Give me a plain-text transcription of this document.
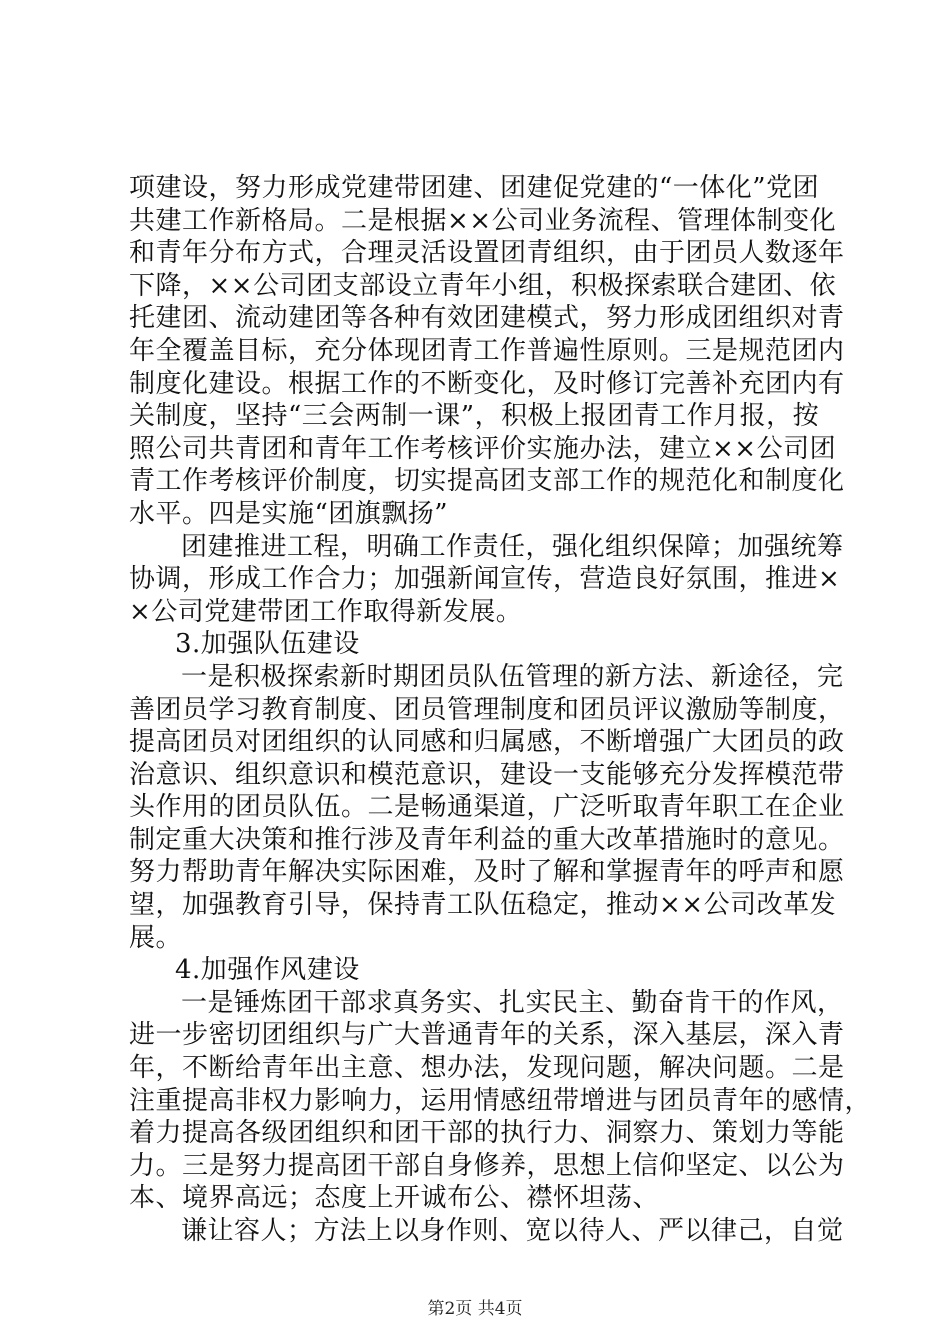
项建设，努力形成党建带团建、团建促党建的“一体化”党团
共建工作新格局。二是根据××公司业务流程、管理体制变化
和青年分布方式，合理灵活设置团青组织，由于团员人数逐年
下降，××公司团支部设立青年小组，积极探索联合建团、依
托建团、流动建团等各种有效团建模式，努力形成团组织对青
年全覆盖目标，充分体现团青工作普遍性原则。三是规范团内
制度化建设。根据工作的不断变化，及时修订完善补充团内有
关制度，坚持“三会两制一课”，积极上报团青工作月报，按
照公司共青团和青年工作考核评价实施办法，建立××公司团
青工作考核评价制度，切实提高团支部工作的规范化和制度化
水平。四是实施“团旗飘扬”
团建推进工程，明确工作责任，强化组织保障；加强统筹
协调，形成工作合力；加强新闻宣传，营造良好氛围，推进×
×公司党建带团工作取得新发展。
3.加强队伍建设
一是积极探索新时期团员队伍管理的新方法、新途径，完
善团员学习教育制度、团员管理制度和团员评议激励等制度，
提高团员对团组织的认同感和归属感，不断增强广大团员的政
治意识、组织意识和模范意识，建设一支能够充分发挥模范带
头作用的团员队伍。二是畅通渠道，广泛听取青年职工在企业
制定重大决策和推行涉及青年利益的重大改革措施时的意见。
努力帮助青年解决实际困难，及时了解和掌握青年的呼声和愿
望，加强教育引导，保持青工队伍稳定，推动××公司改革发
展。
4.加强作风建设
一是锤炼团干部求真务实、扎实民主、勤奋肯干的作风，
进一步密切团组织与广大普通青年的关系，深入基层，深入青
年，不断给青年出主意、想办法，发现问题，解决问题。二是
注重提高非权力影响力，运用情感纽带增进与团员青年的感情，
着力提高各级团组织和团干部的执行力、洞察力、策划力等能
力。三是努力提高团干部自身修养，思想上信仰坚定、以公为
本、境界高远；态度上开诚布公、襟怀坦荡、
谦让容人；方法上以身作则、宽以待人、严以律己，自觉
第2页 共4页
